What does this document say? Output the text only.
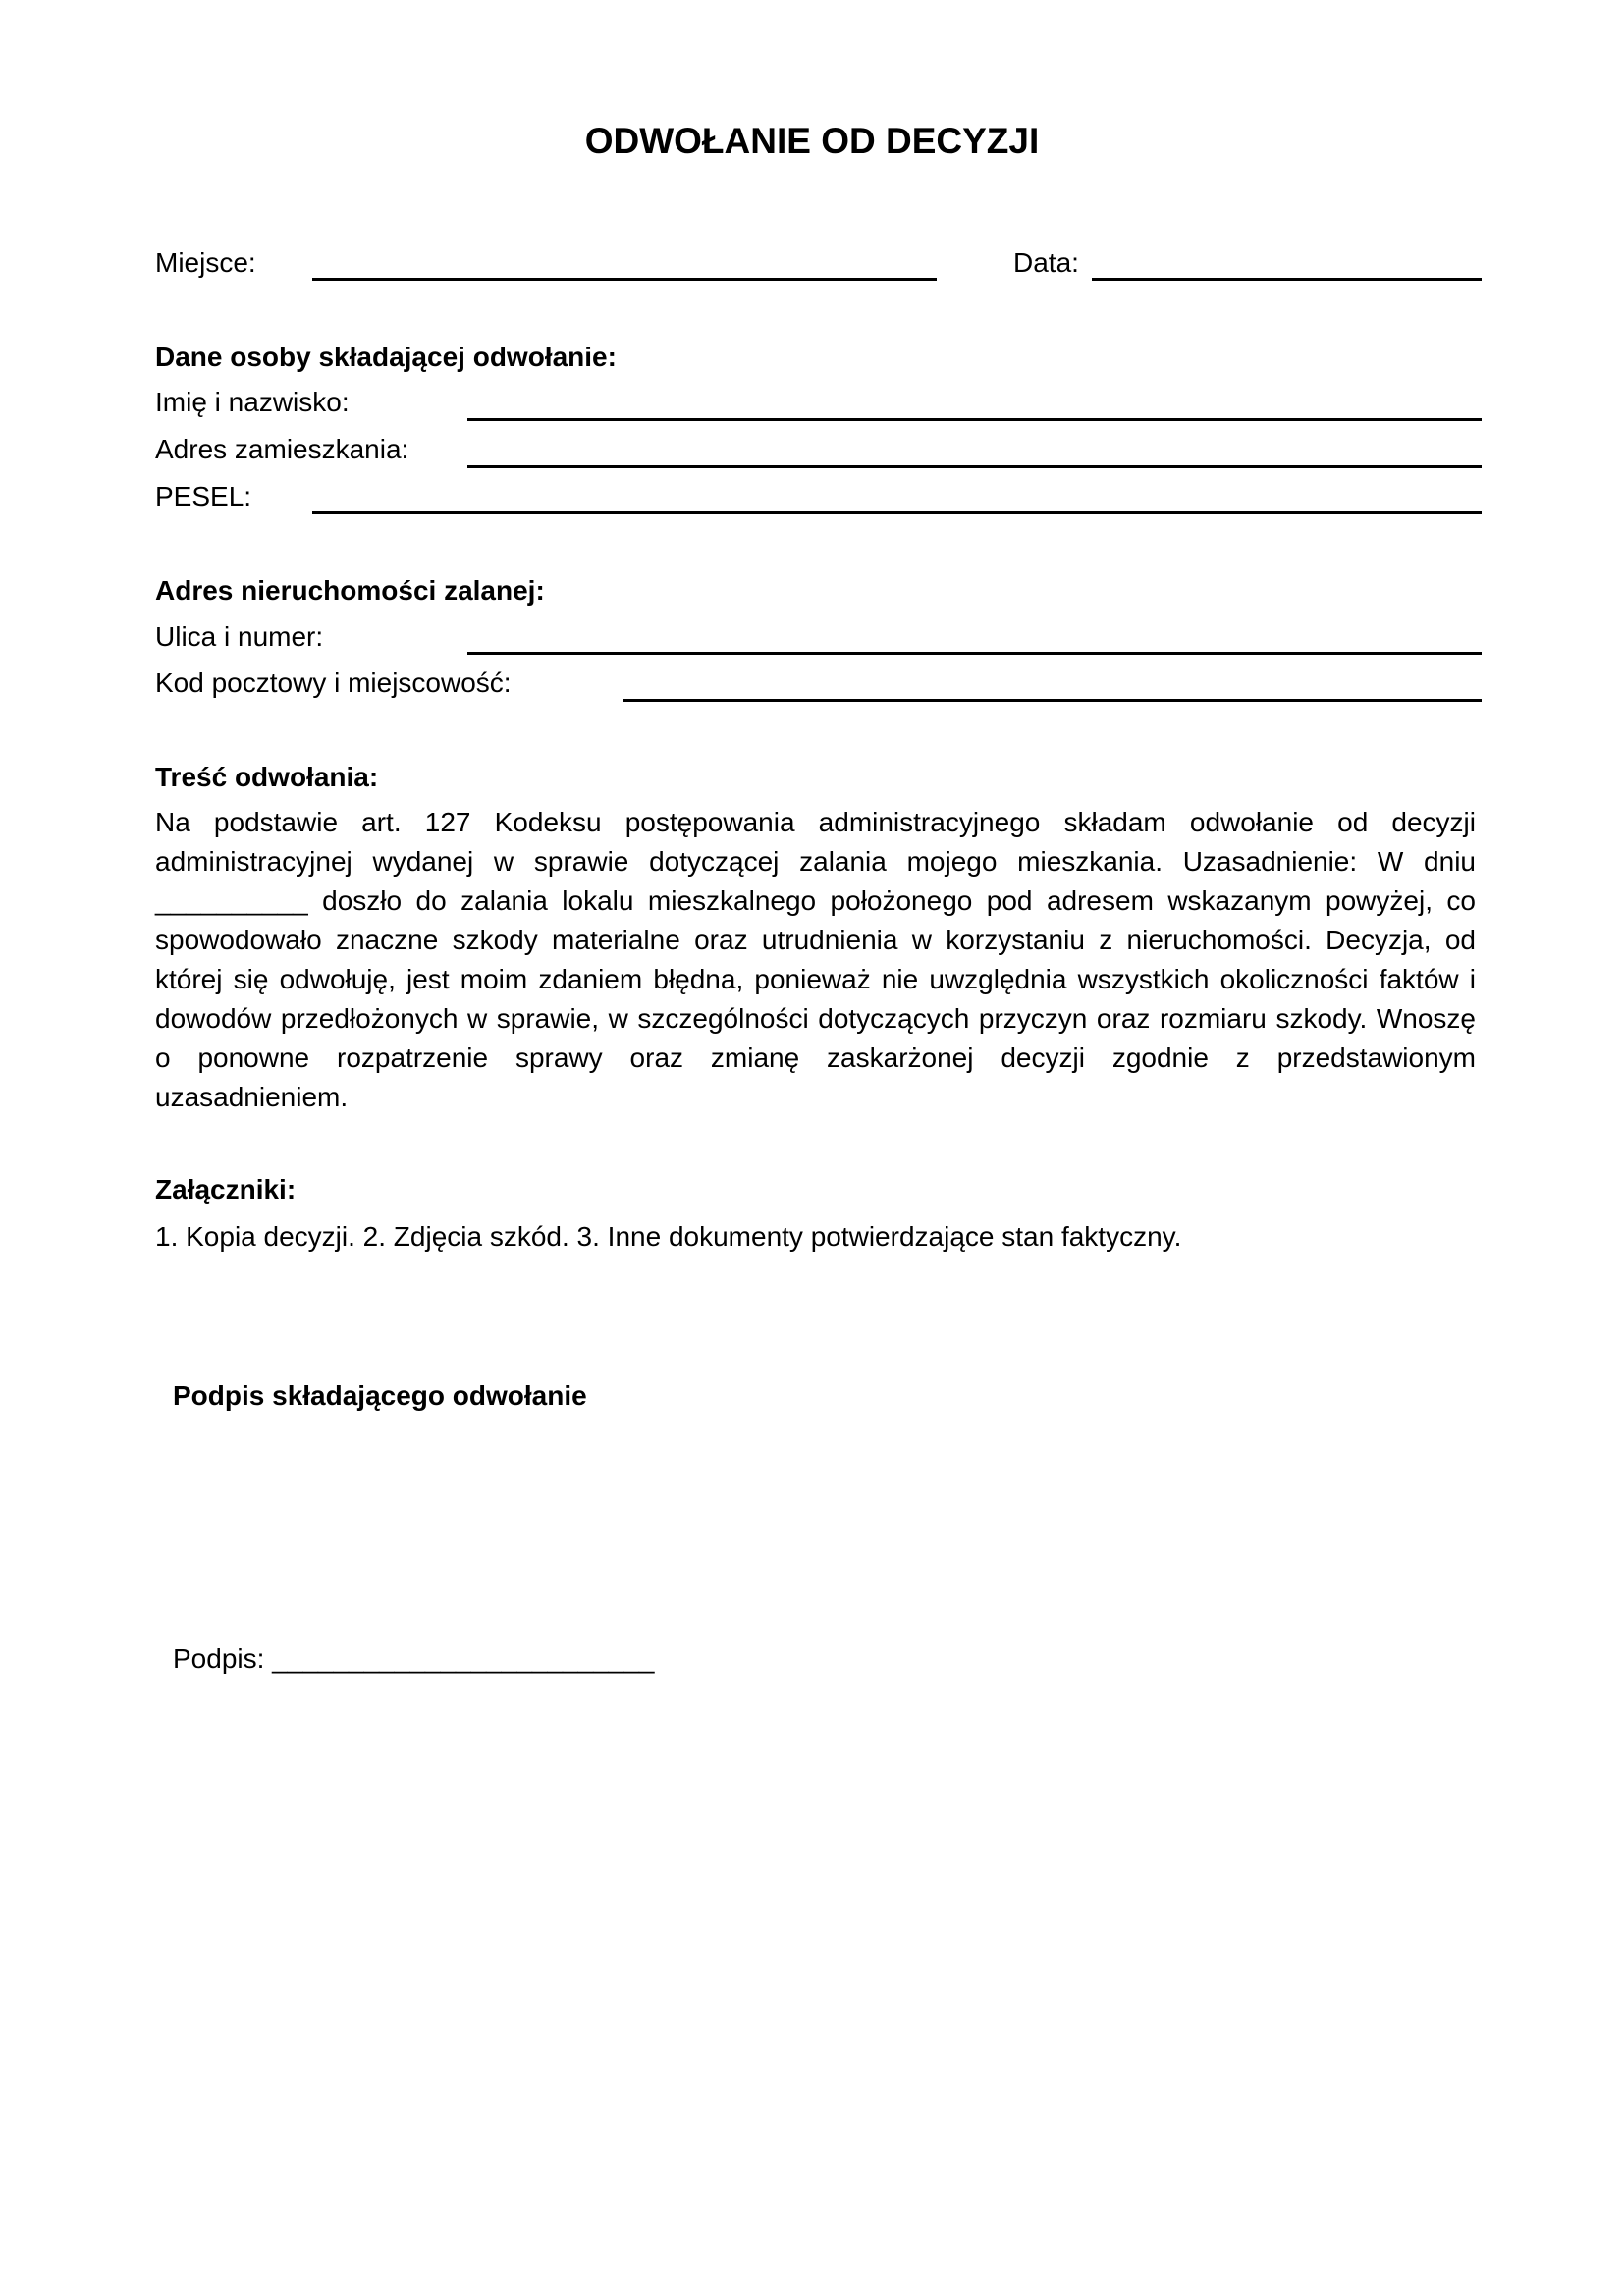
ODWOŁANIE OD DECYZJI
Miejsce:	Data:
Dane osoby składającej odwołanie:
Imię i nazwisko:
Adres zamieszkania:
PESEL:
Adres nieruchomości zalanej:
Ulica i numer:
Kod pocztowy i miejscowość:
Treść odwołania:
Na podstawie art. 127 Kodeksu postępowania administracyjnego składam odwołanie od decyzji administracyjnej wydanej w sprawie dotyczącej zalania mojego mieszkania. Uzasadnienie: W dniu __________ doszło do zalania lokalu mieszkalnego położonego pod adresem wskazanym powyżej, co spowodowało znaczne szkody materialne oraz utrudnienia w korzystaniu z nieruchomości. Decyzja, od której się odwołuję, jest moim zdaniem błędna, ponieważ nie uwzględnia wszystkich okoliczności faktów i dowodów przedłożonych w sprawie, w szczególności dotyczących przyczyn oraz rozmiaru szkody. Wnoszę o ponowne rozpatrzenie sprawy oraz zmianę zaskarżonej decyzji zgodnie z przedstawionym uzasadnieniem.
Załączniki:
1. Kopia decyzji. 2. Zdjęcia szkód. 3. Inne dokumenty potwierdzające stan faktyczny.
Podpis składającego odwołanie
Podpis: _________________________
